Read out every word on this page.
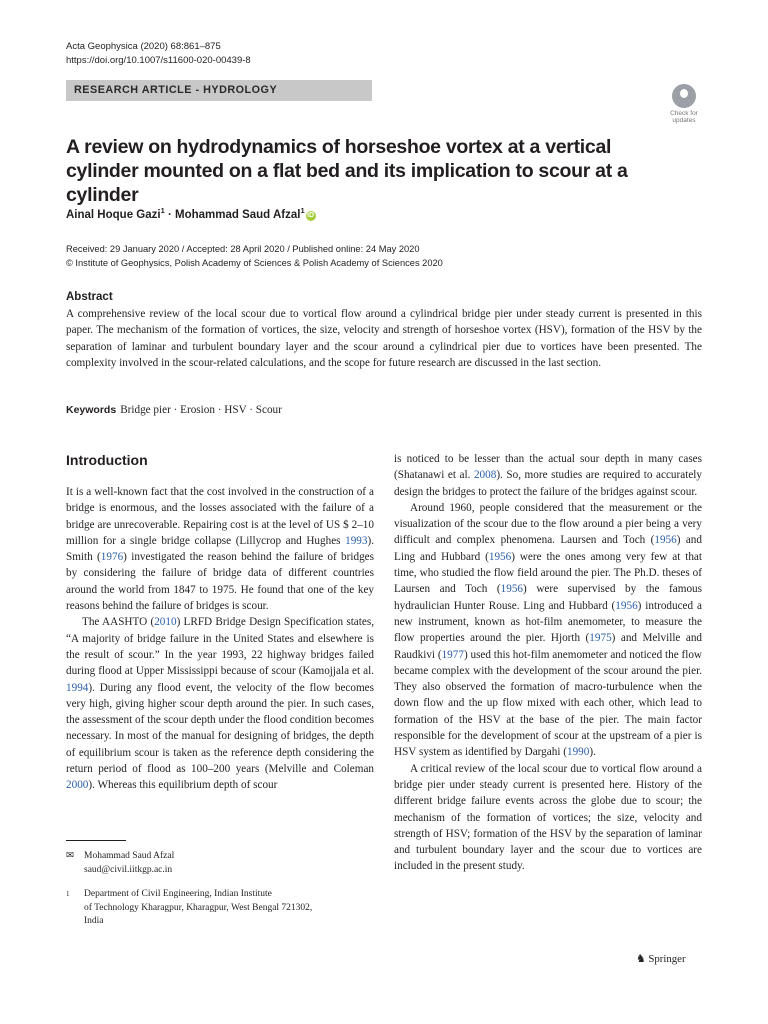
Acta Geophysica (2020) 68:861–875
https://doi.org/10.1007/s11600-020-00439-8
RESEARCH ARTICLE - HYDROLOGY
Check for
updates
A review on hydrodynamics of horseshoe vortex at a vertical cylinder mounted on a flat bed and its implication to scour at a cylinder
Ainal Hoque Gazi$^1$ · Mohammad Saud Afzal$^1$iD
Received: 29 January 2020 / Accepted: 28 April 2020 / Published online: 24 May 2020
© Institute of Geophysics, Polish Academy of Sciences & Polish Academy of Sciences 2020
Abstract
A comprehensive review of the local scour due to vortical flow around a cylindrical bridge pier under steady current is presented in this paper. The mechanism of the formation of vortices, the size, velocity and strength of horseshoe vortex (HSV), formation of the HSV by the separation of laminar and turbulent boundary layer and the scour around a cylindrical pier due to vortices have been presented. The complexity involved in the scour-related calculations, and the scope for future research are discussed in the last section.
Keywords Bridge pier · Erosion · HSV · Scour
Introduction

It is a well-known fact that the cost involved in the construction of a bridge is enormous, and the losses associated with the failure of a bridge are unrecoverable. Repairing cost is at the level of US $ 2–10 million for a single bridge collapse (Lillycrop and Hughes 1993). Smith (1976) investigated the reason behind the failure of bridges by considering the failure of bridge data of different countries around the world from 1847 to 1975. He found that one of the key reasons behind the failure of bridges is scour.

The AASHTO (2010) LRFD Bridge Design Specification states, “A majority of bridge failure in the United States and elsewhere is the result of scour.” In the year 1993, 22 highway bridges failed during flood at Upper Mississippi because of scour (Kamojjala et al. 1994). During any flood event, the velocity of the flow becomes very high, giving higher scour depth around the pier. In such cases, the assessment of the scour depth under the flood condition becomes necessary. In most of the manual for designing of bridges, the depth of equilibrium scour is taken as the reference depth considering the return period of flood as 100–200 years (Melville and Coleman 2000). Whereas this equilibrium depth of scour

is noticed to be lesser than the actual sour depth in many cases (Shatanawi et al. 2008). So, more studies are required to accurately design the bridges to protect the failure of the bridges against scour.

Around 1960, people considered that the measurement or the visualization of the scour due to the flow around a pier being a very difficult and complex phenomena. Laursen and Toch (1956) and Ling and Hubbard (1956) were the ones among very few at that time, who studied the flow field around the pier. The Ph.D. theses of Laursen and Toch (1956) were supervised by the famous hydraulician Hunter Rouse. Ling and Hubbard (1956) introduced a new instrument, known as hot-film anemometer, to measure the flow properties around the pier. Hjorth (1975) and Melville and Raudkivi (1977) used this hot-film anemometer and noticed the flow became complex with the development of the scour around the pier. They also observed the formation of macro-turbulence when the down flow and the up flow mixed with each other, which lead to formation of the HSV at the base of the pier. The main factor responsible for the development of scour at the upstream of a pier is HSV system as identified by Dargahi (1990).

A critical review of the local scour due to vortical flow around a bridge pier under steady current is presented here. History of the different bridge failure events across the globe due to scour; the mechanism of the formation of vortices; the size, velocity and strength of HSV; formation of the HSV by the separation of laminar and turbulent boundary layer and the scour due to vortices are included in the present study.

✉ Mohammad Saud Afzal
saud@civil.iitkgp.ac.in
1 Department of Civil Engineering, Indian Institute
of Technology Kharagpur, Kharagpur, West Bengal 721302,
India
♞ Springer
